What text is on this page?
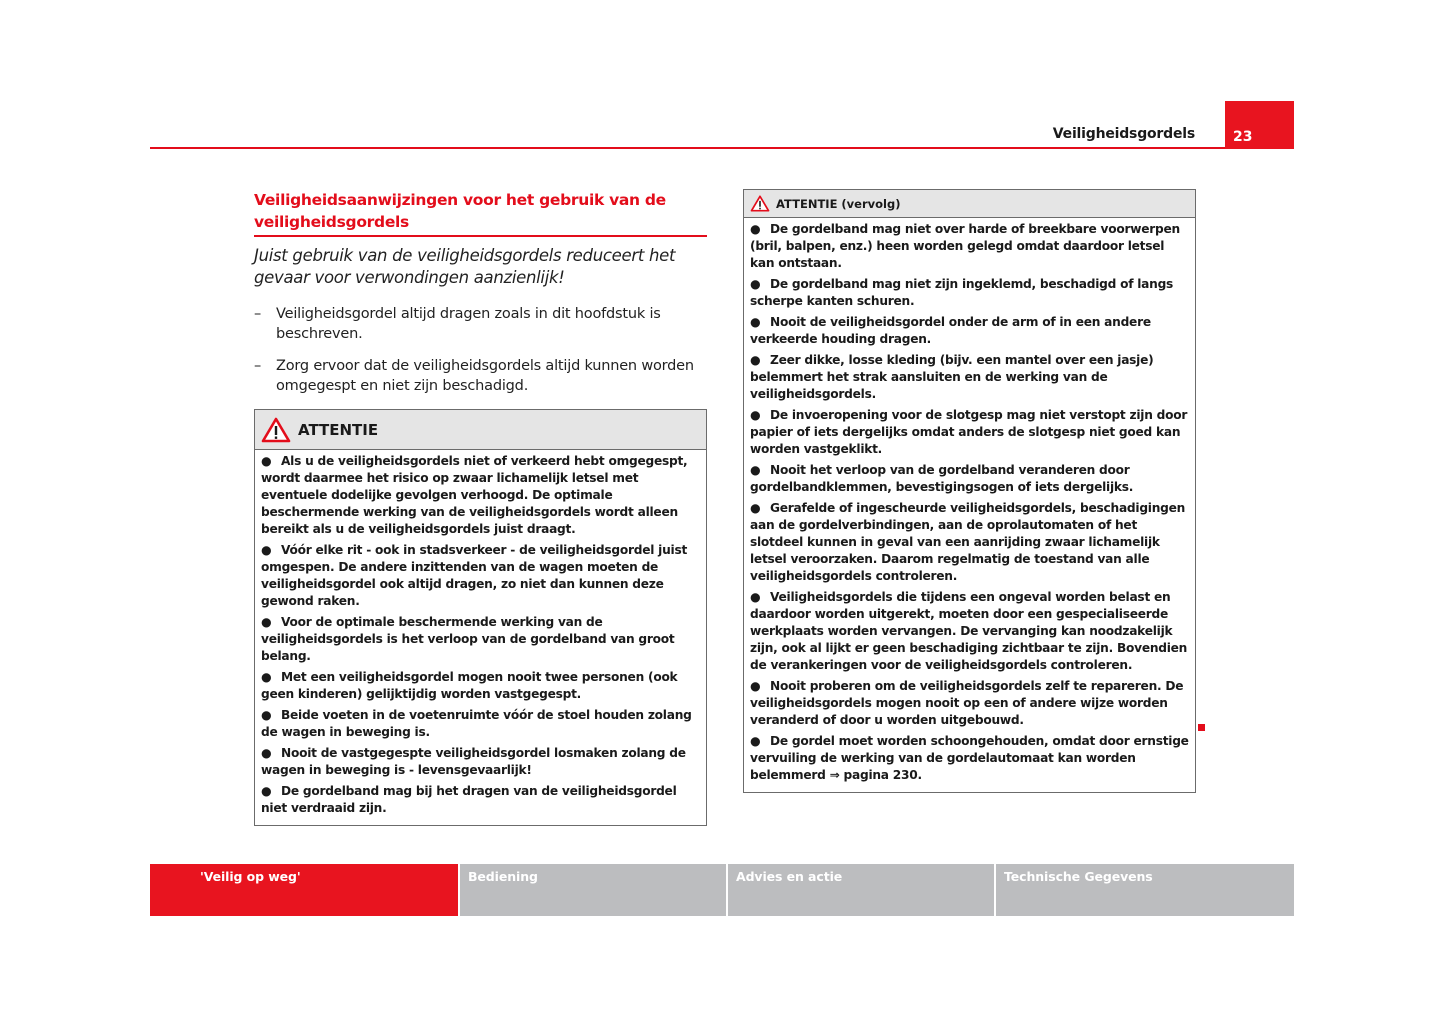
Veiligheidsgordels	23
Veiligheidsaanwijzingen voor het gebruik van de veiligheidsgordels
Juist gebruik van de veiligheidsgordels reduceert het gevaar voor verwondingen aanzienlijk!
– Veiligheidsgordel altijd dragen zoals in dit hoofdstuk is beschreven.
– Zorg ervoor dat de veiligheidsgordels altijd kunnen worden omgegespt en niet zijn beschadigd.
ATTENTIE
● Als u de veiligheidsgordels niet of verkeerd hebt omgegespt, wordt daarmee het risico op zwaar lichamelijk letsel met eventuele dodelijke gevolgen verhoogd. De optimale beschermende werking van de veiligheidsgordels wordt alleen bereikt als u de veiligheidsgordels juist draagt.
● Vóór elke rit - ook in stadsverkeer - de veiligheidsgordel juist omgespen. De andere inzittenden van de wagen moeten de veiligheidsgordel ook altijd dragen, zo niet dan kunnen deze gewond raken.
● Voor de optimale beschermende werking van de veiligheidsgordels is het verloop van de gordelband van groot belang.
● Met een veiligheidsgordel mogen nooit twee personen (ook geen kinderen) gelijktijdig worden vastgegespt.
● Beide voeten in de voetenruimte vóór de stoel houden zolang de wagen in beweging is.
● Nooit de vastgegespte veiligheidsgordel losmaken zolang de wagen in beweging is - levensgevaarlijk!
● De gordelband mag bij het dragen van de veiligheidsgordel niet verdraaid zijn.
ATTENTIE (vervolg)
● De gordelband mag niet over harde of breekbare voorwerpen (bril, balpen, enz.) heen worden gelegd omdat daardoor letsel kan ontstaan.
● De gordelband mag niet zijn ingeklemd, beschadigd of langs scherpe kanten schuren.
● Nooit de veiligheidsgordel onder de arm of in een andere verkeerde houding dragen.
● Zeer dikke, losse kleding (bijv. een mantel over een jasje) belemmert het strak aansluiten en de werking van de veiligheidsgordels.
● De invoeropening voor de slotgesp mag niet verstopt zijn door papier of iets dergelijks omdat anders de slotgesp niet goed kan worden vastgeklikt.
● Nooit het verloop van de gordelband veranderen door gordelbandklemmen, bevestigingsogen of iets dergelijks.
● Gerafelde of ingescheurde veiligheidsgordels, beschadigingen aan de gordelverbindingen, aan de oprolautomaten of het slotdeel kunnen in geval van een aanrijding zwaar lichamelijk letsel veroorzaken. Daarom regelmatig de toestand van alle veiligheidsgordels controleren.
● Veiligheidsgordels die tijdens een ongeval worden belast en daardoor worden uitgerekt, moeten door een gespecialiseerde werkplaats worden vervangen. De vervanging kan noodzakelijk zijn, ook al lijkt er geen beschadiging zichtbaar te zijn. Bovendien de verankeringen voor de veiligheidsgordels controleren.
● Nooit proberen om de veiligheidsgordels zelf te repareren. De veiligheidsgordels mogen nooit op een of andere wijze worden veranderd of door u worden uitgebouwd.
● De gordel moet worden schoongehouden, omdat door ernstige vervuiling de werking van de gordelautomaat kan worden belemmerd ⇒ pagina 230.
'Veilig op weg'	Bediening	Advies en actie	Technische Gegevens
